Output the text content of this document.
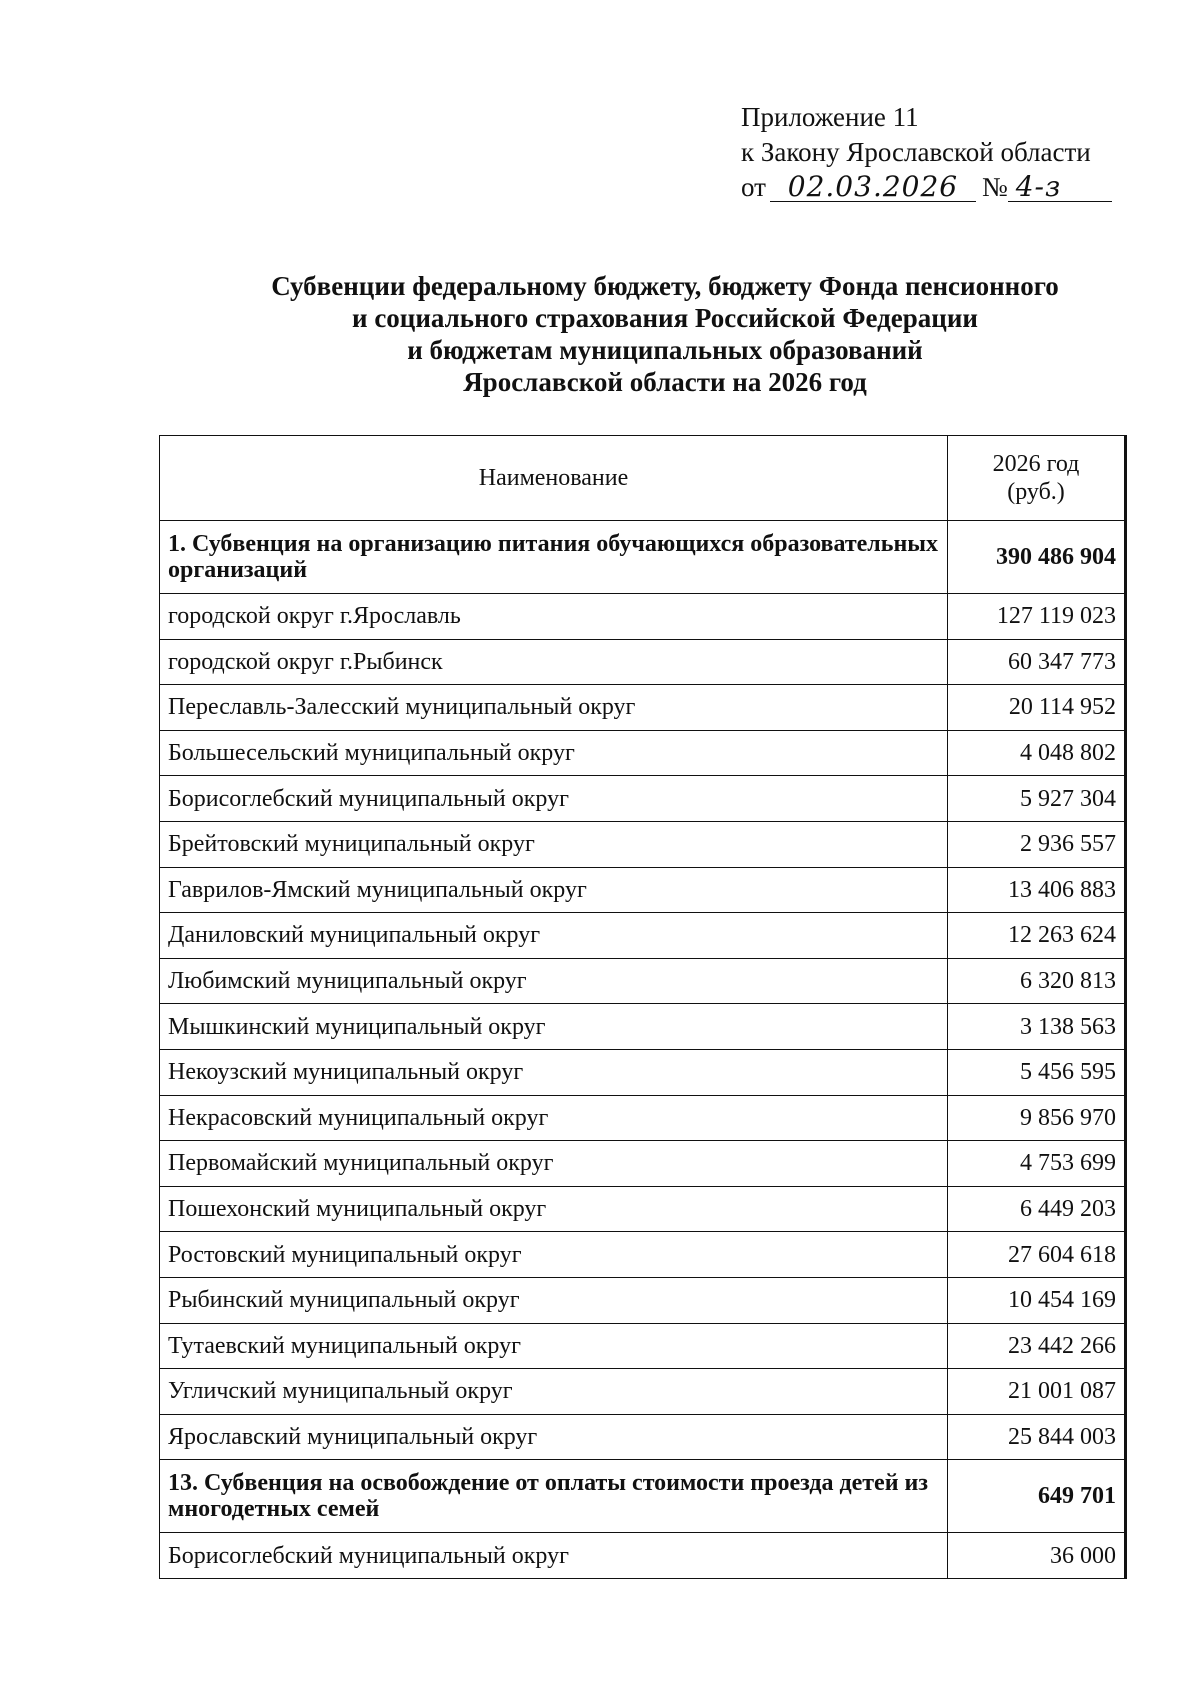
Приложение 11
к Закону Ярославской области
от 02.03.2026 № 4-з
Субвенции федеральному бюджету, бюджету Фонда пенсионного
и социального страхования Российской Федерации
и бюджетам муниципальных образований
Ярославской области на 2026 год
Наименование	2026 год
(руб.)

1. Субвенция на организацию питания обучающихся образовательных организаций	390 486 904
городской округ г.Ярославль	127 119 023
городской округ г.Рыбинск	60 347 773
Переславль-Залесский муниципальный округ	20 114 952
Большесельский муниципальный округ	4 048 802
Борисоглебский муниципальный округ	5 927 304
Брейтовский муниципальный округ	2 936 557
Гаврилов-Ямский муниципальный округ	13 406 883
Даниловский муниципальный округ	12 263 624
Любимский муниципальный округ	6 320 813
Мышкинский муниципальный округ	3 138 563
Некоузский муниципальный округ	5 456 595
Некрасовский муниципальный округ	9 856 970
Первомайский муниципальный округ	4 753 699
Пошехонский муниципальный округ	6 449 203
Ростовский муниципальный округ	27 604 618
Рыбинский муниципальный округ	10 454 169
Тутаевский муниципальный округ	23 442 266
Угличский муниципальный округ	21 001 087
Ярославский муниципальный округ	25 844 003
13. Субвенция на освобождение от оплаты стоимости проезда детей из многодетных семей	649 701
Борисоглебский муниципальный округ	36 000
